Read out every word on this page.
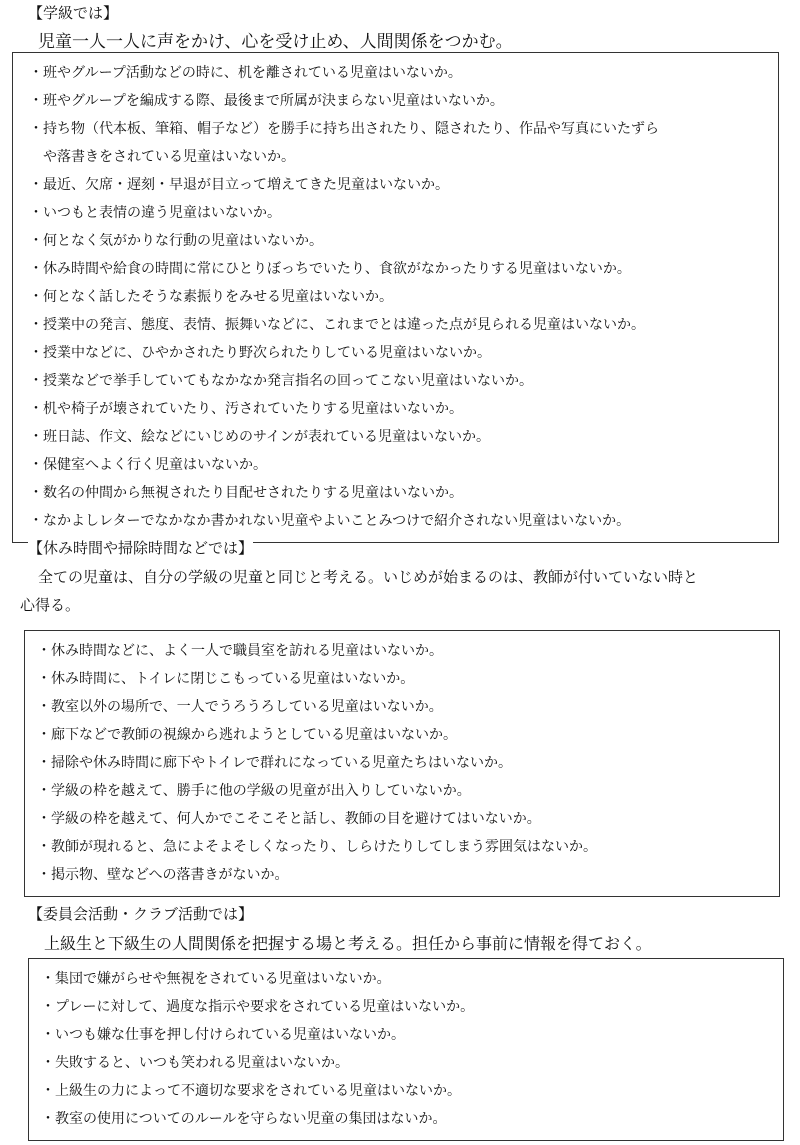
【学級では】
児童一人一人に声をかけ、心を受け止め、人間関係をつかむ。
・班やグループ活動などの時に、机を離されている児童はいないか。
・班やグループを編成する際、最後まで所属が決まらない児童はいないか。
・持ち物（代本板、筆箱、帽子など）を勝手に持ち出されたり、隠されたり、作品や写真にいたずら
や落書きをされている児童はいないか。
・最近、欠席・遅刻・早退が目立って増えてきた児童はいないか。
・いつもと表情の違う児童はいないか。
・何となく気がかりな行動の児童はいないか。
・休み時間や給食の時間に常にひとりぼっちでいたり、食欲がなかったりする児童はいないか。
・何となく話したそうな素振りをみせる児童はいないか。
・授業中の発言、態度、表情、振舞いなどに、これまでとは違った点が見られる児童はいないか。
・授業中などに、ひやかされたり野次られたりしている児童はいないか。
・授業などで挙手していてもなかなか発言指名の回ってこない児童はいないか。
・机や椅子が壊されていたり、汚されていたりする児童はいないか。
・班日誌、作文、絵などにいじめのサインが表れている児童はいないか。
・保健室へよく行く児童はいないか。
・数名の仲間から無視されたり目配せされたりする児童はいないか。
・なかよしレターでなかなか書かれない児童やよいことみつけで紹介されない児童はいないか。
【休み時間や掃除時間などでは】
全ての児童は、自分の学級の児童と同じと考える。いじめが始まるのは、教師が付いていない時と
心得る。
・休み時間などに、よく一人で職員室を訪れる児童はいないか。
・休み時間に、トイレに閉じこもっている児童はいないか。
・教室以外の場所で、一人でうろうろしている児童はいないか。
・廊下などで教師の視線から逃れようとしている児童はいないか。
・掃除や休み時間に廊下やトイレで群れになっている児童たちはいないか。
・学級の枠を越えて、勝手に他の学級の児童が出入りしていないか。
・学級の枠を越えて、何人かでこそこそと話し、教師の目を避けてはいないか。
・教師が現れると、急によそよそしくなったり、しらけたりしてしまう雰囲気はないか。
・掲示物、壁などへの落書きがないか。
【委員会活動・クラブ活動では】
上級生と下級生の人間関係を把握する場と考える。担任から事前に情報を得ておく。
・集団で嫌がらせや無視をされている児童はいないか。
・プレーに対して、過度な指示や要求をされている児童はいないか。
・いつも嫌な仕事を押し付けられている児童はいないか。
・失敗すると、いつも笑われる児童はいないか。
・上級生の力によって不適切な要求をされている児童はいないか。
・教室の使用についてのルールを守らない児童の集団はないか。
